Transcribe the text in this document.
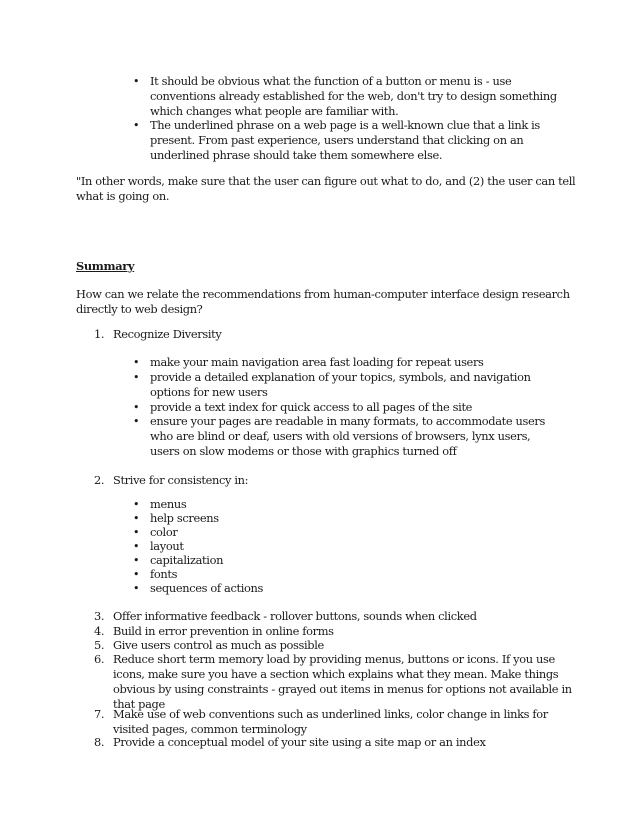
• It should be obvious what the function of a button or menu is - use
conventions already established for the web, don't try to design something
which changes what people are familiar with.

• The underlined phrase on a web page is a well-known clue that a link is
present. From past experience, users understand that clicking on an
underlined phrase should take them somewhere else.

"In other words, make sure that the user can figure out what to do, and (2) the user can tell
what is going on.

Summary

How can we relate the recommendations from human-computer interface design research
directly to web design?

1. Recognize Diversity

• make your main navigation area fast loading for repeat users

• provide a detailed explanation of your topics, symbols, and navigation
options for new users

• provide a text index for quick access to all pages of the site

• ensure your pages are readable in many formats, to accommodate users
who are blind or deaf, users with old versions of browsers, lynx users,
users on slow modems or those with graphics turned off

2. Strive for consistency in:

• menus

• help screens

• color

• layout

• capitalization

• fonts

• sequences of actions

3. Offer informative feedback - rollover buttons, sounds when clicked

4. Build in error prevention in online forms

5. Give users control as much as possible

6. Reduce short term memory load by providing menus, buttons or icons. If you use
icons, make sure you have a section which explains what they mean. Make things
obvious by using constraints - grayed out items in menus for options not available in
that page

7. Make use of web conventions such as underlined links, color change in links for
visited pages, common terminology

8. Provide a conceptual model of your site using a site map or an index
